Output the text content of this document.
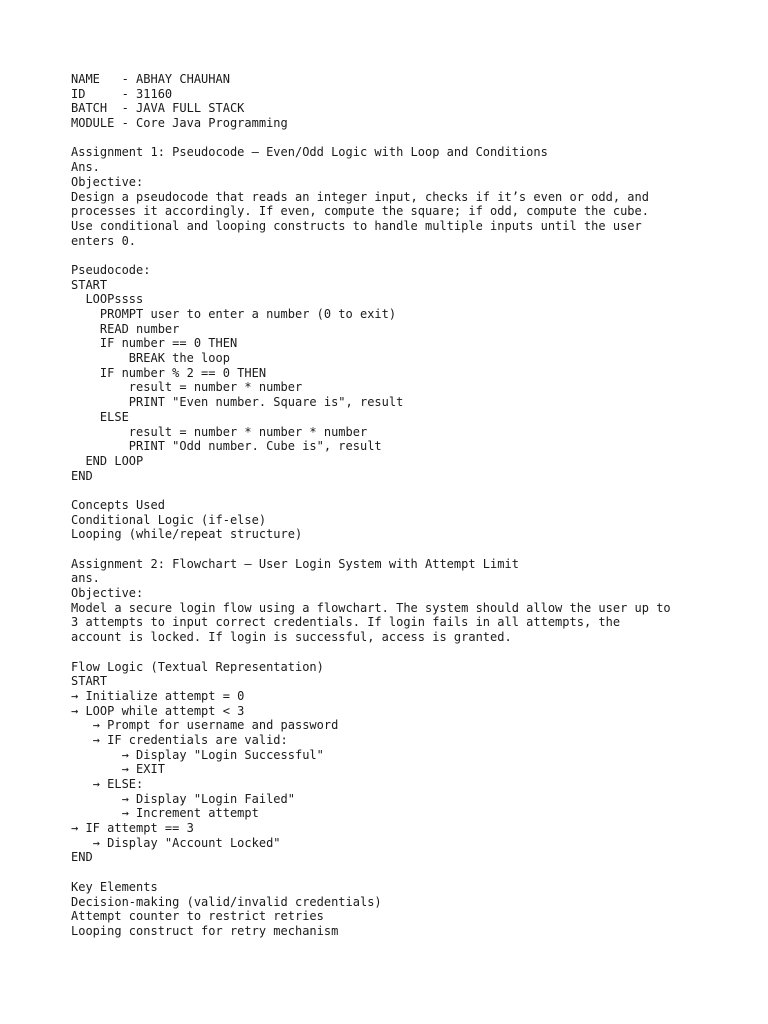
NAME   - ABHAY CHAUHAN
ID     - 31160
BATCH  - JAVA FULL STACK
MODULE - Core Java Programming
Assignment 1: Pseudocode – Even/Odd Logic with Loop and Conditions
Ans.
Objective:
Design a pseudocode that reads an integer input, checks if it’s even or odd, and
processes it accordingly. If even, compute the square; if odd, compute the cube.
Use conditional and looping constructs to handle multiple inputs until the user
enters 0.
Pseudocode:
START
LOOPssss
PROMPT user to enter a number (0 to exit)
READ number
IF number == 0 THEN
BREAK the loop
IF number % 2 == 0 THEN
result = number * number
PRINT "Even number. Square is", result
ELSE
result = number * number * number
PRINT "Odd number. Cube is", result
END LOOP
END
Concepts Used
Conditional Logic (if-else)
Looping (while/repeat structure)
Assignment 2: Flowchart – User Login System with Attempt Limit
ans.
Objective:
Model a secure login flow using a flowchart. The system should allow the user up to
3 attempts to input correct credentials. If login fails in all attempts, the
account is locked. If login is successful, access is granted.
Flow Logic (Textual Representation)
START
→ Initialize attempt = 0
→ LOOP while attempt < 3
→ Prompt for username and password
→ IF credentials are valid:
→ Display "Login Successful"
→ EXIT
→ ELSE:
→ Display "Login Failed"
→ Increment attempt
→ IF attempt == 3
→ Display "Account Locked"
END
Key Elements
Decision-making (valid/invalid credentials)
Attempt counter to restrict retries
Looping construct for retry mechanism
